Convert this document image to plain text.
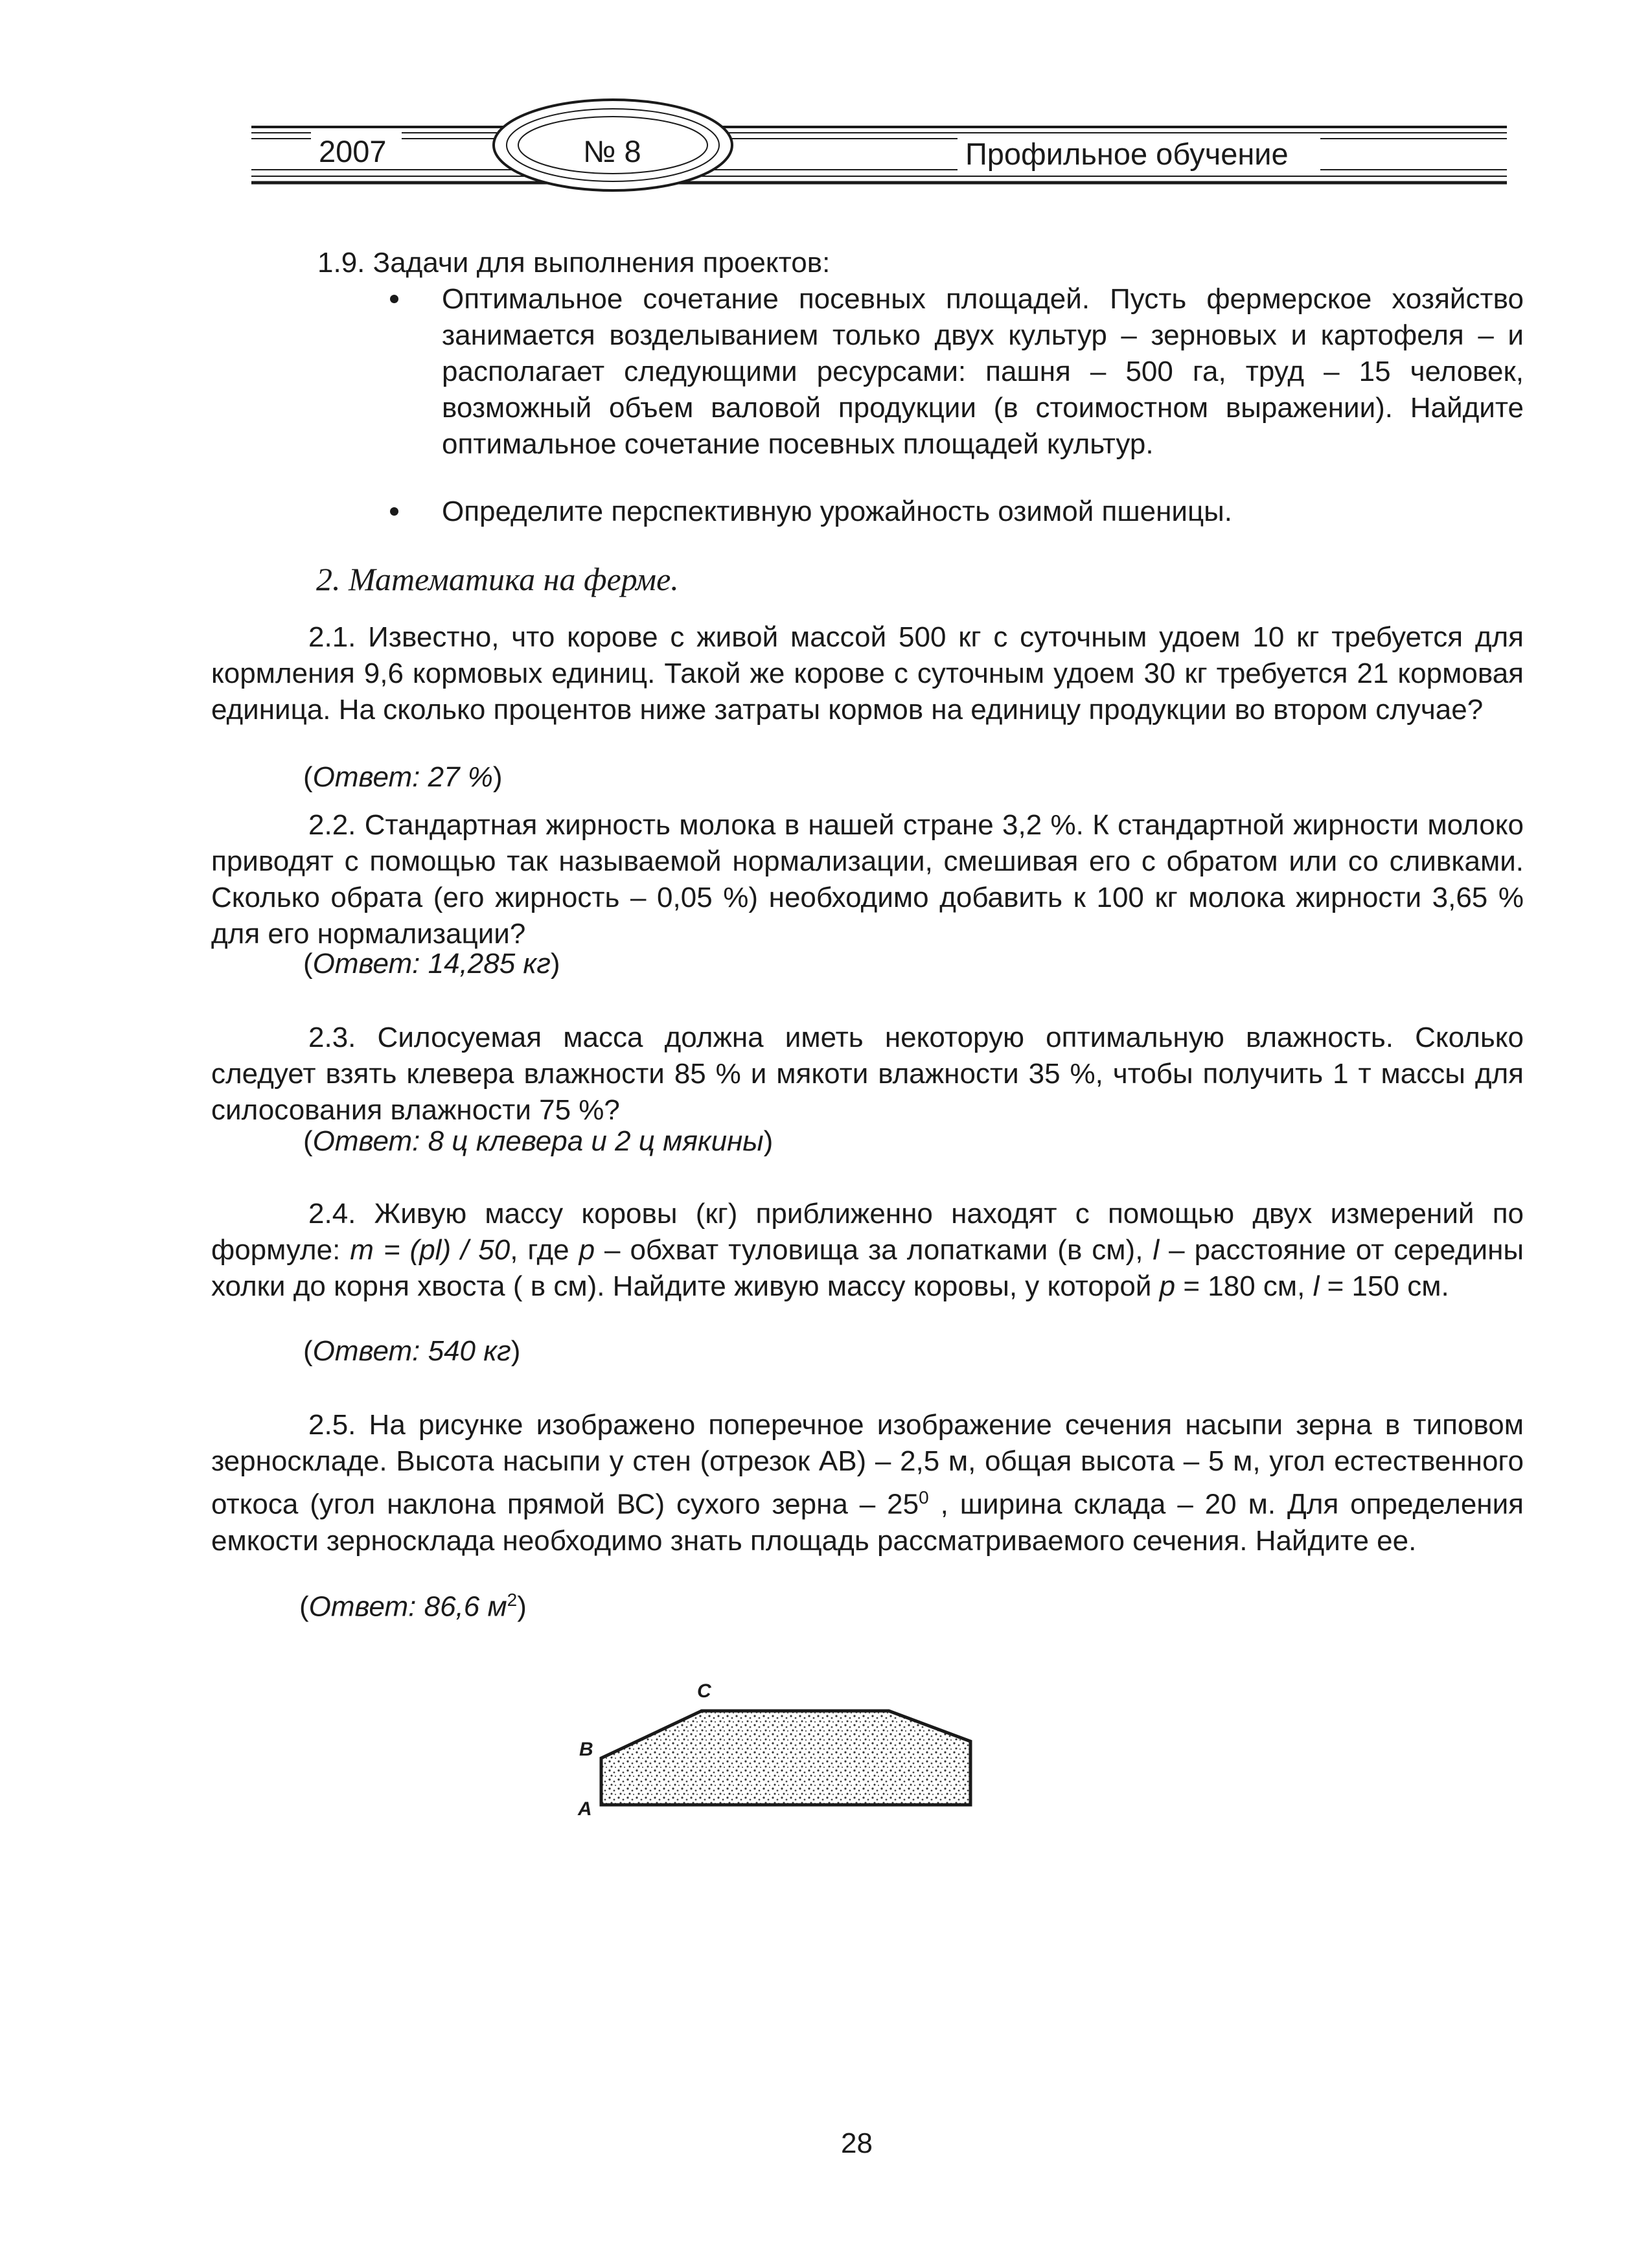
2007	№ 8	Профильное обучение
1.9. Задачи для выполнения проектов:
Оптимальное сочетание посевных площадей. Пусть фермерское хозяйство занимается возделыванием только двух культур – зерновых и картофеля – и располагает следующими ресурсами: пашня – 500 га, труд – 15 человек, возможный объем валовой продукции (в стоимостном выражении). Найдите оптимальное сочетание посевных площадей культур.
Определите перспективную урожайность озимой пшеницы.
2. Математика на ферме.
2.1. Известно, что корове с живой массой 500 кг с суточным удоем 10 кг требуется для кормления 9,6 кормовых единиц. Такой же корове с суточным удоем 30 кг требуется 21 кормовая единица. На сколько процентов ниже затраты кормов на единицу продукции во втором случае?
(Ответ: 27 %)
2.2. Стандартная жирность молока в нашей стране 3,2 %. К стандартной жирности молоко приводят с помощью так называемой нормализации, смешивая его с обратом или со сливками. Сколько обрата (его жирность – 0,05 %) необходимо добавить к 100 кг молока жирности 3,65 % для его нормализации?
(Ответ: 14,285 кг)
2.3. Силосуемая масса должна иметь некоторую оптимальную влажность. Сколько следует взять клевера влажности 85 % и мякоти влажности 35 %, чтобы получить 1 т массы для силосования влажности 75 %?
(Ответ: 8 ц клевера и 2 ц мякины)
2.4. Живую массу коровы (кг) приближенно находят с помощью двух измерений по формуле: m = (pl) / 50, где p – обхват туловища за лопатками (в см), l – расстояние от середины холки до корня хвоста ( в см). Найдите живую массу коровы, у которой p = 180 см, l = 150 см.
(Ответ: 540 кг)
2.5. На рисунке изображено поперечное изображение сечения насыпи зерна в типовом зерноскладе. Высота насыпи у стен (отрезок АВ) – 2,5 м, общая высота – 5 м, угол естественного откоса (угол наклона прямой ВС) сухого зерна – $25^0$ , ширина склада – 20 м. Для определения емкости зерносклада необходимо знать площадь рассматриваемого сечения. Найдите ее.
(Ответ: 86,6 $м^2$)
C
B
A
28
